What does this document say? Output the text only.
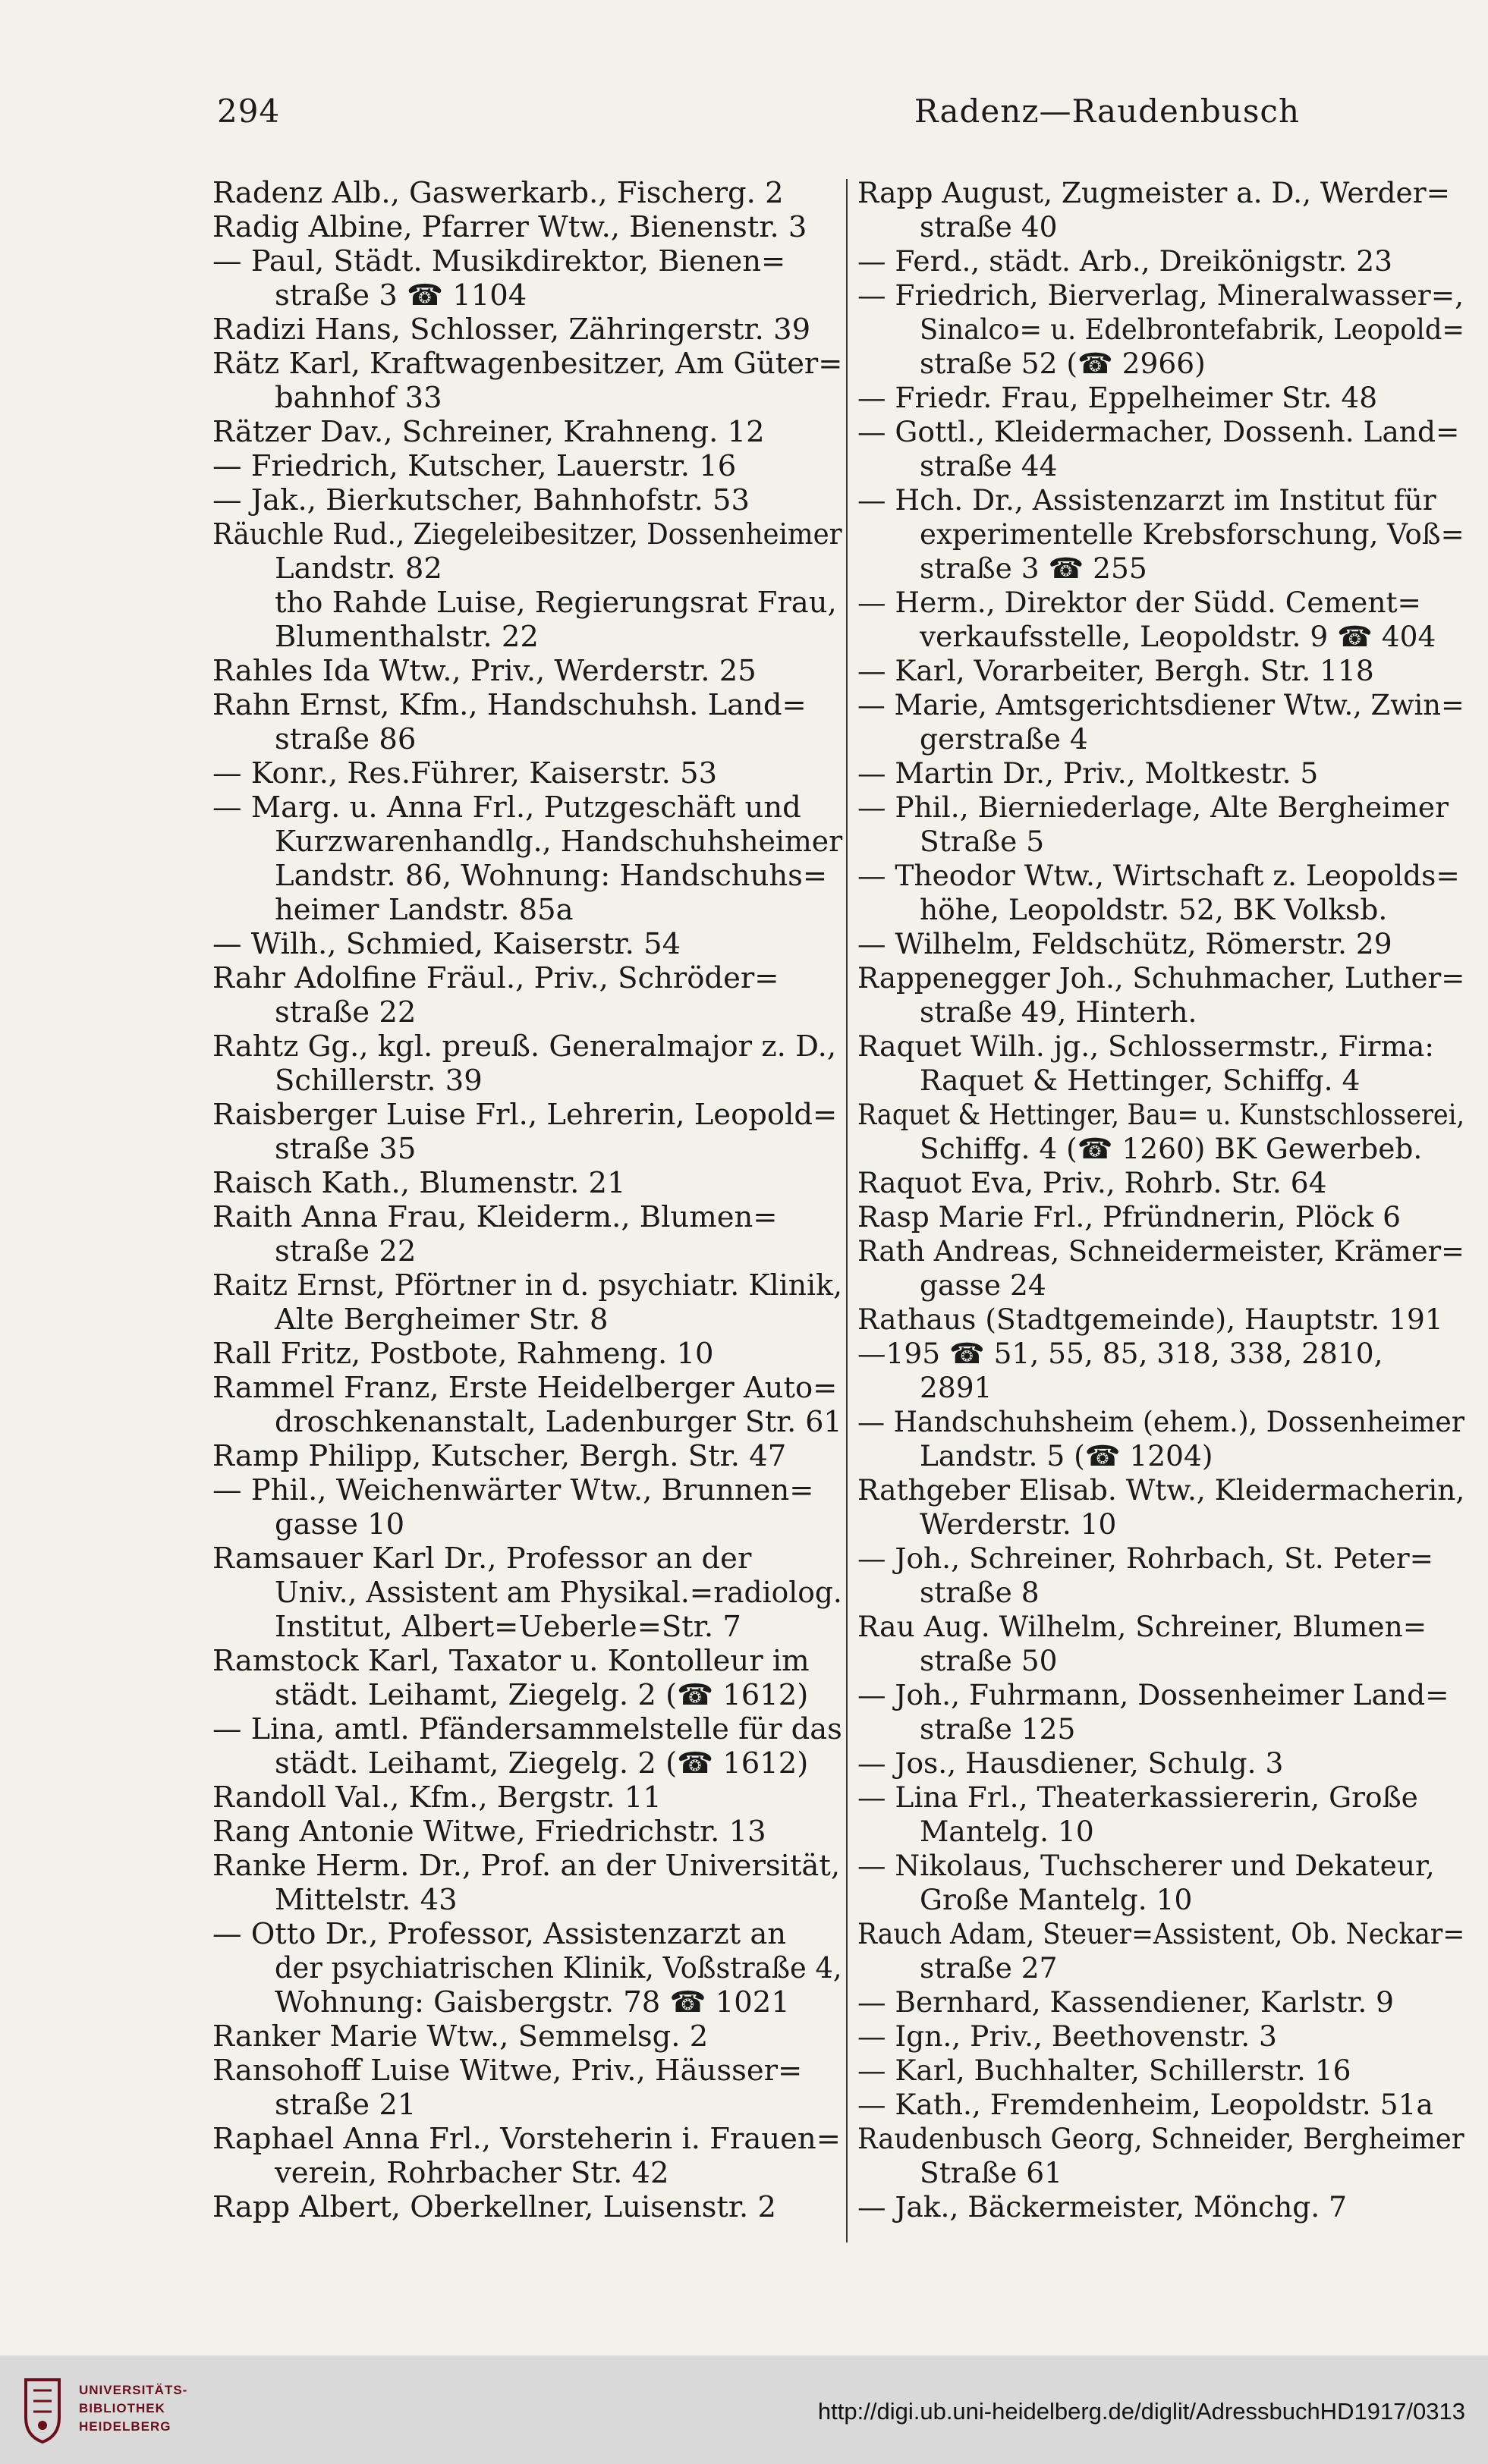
294	Radenz—Raudenbusch
Radenz Alb., Gaswerkarb., Fischerg. 2
Radig Albine, Pfarrer Wtw., Bienenstr. 3
— Paul, Städt. Musikdirektor, Bienen=
straße 3 ☎ 1104
Radizi Hans, Schlosser, Zähringerstr. 39
Rätz Karl, Kraftwagenbesitzer, Am Güter=
bahnhof 33
Rätzer Dav., Schreiner, Krahneng. 12
— Friedrich, Kutscher, Lauerstr. 16
— Jak., Bierkutscher, Bahnhofstr. 53
Räuchle Rud., Ziegeleibesitzer, Dossenheimer
Landstr. 82
tho Rahde Luise, Regierungsrat Frau,
Blumenthalstr. 22
Rahles Ida Wtw., Priv., Werderstr. 25
Rahn Ernst, Kfm., Handschuhsh. Land=
straße 86
— Konr., Res.Führer, Kaiserstr. 53
— Marg. u. Anna Frl., Putzgeschäft und
Kurzwarenhandlg., Handschuhsheimer
Landstr. 86, Wohnung: Handschuhs=
heimer Landstr. 85a
— Wilh., Schmied, Kaiserstr. 54
Rahr Adolfine Fräul., Priv., Schröder=
straße 22
Rahtz Gg., kgl. preuß. Generalmajor z. D.,
Schillerstr. 39
Raisberger Luise Frl., Lehrerin, Leopold=
straße 35
Raisch Kath., Blumenstr. 21
Raith Anna Frau, Kleiderm., Blumen=
straße 22
Raitz Ernst, Pförtner in d. psychiatr. Klinik,
Alte Bergheimer Str. 8
Rall Fritz, Postbote, Rahmeng. 10
Rammel Franz, Erste Heidelberger Auto=
droschkenanstalt, Ladenburger Str. 61
Ramp Philipp, Kutscher, Bergh. Str. 47
— Phil., Weichenwärter Wtw., Brunnen=
gasse 10
Ramsauer Karl Dr., Professor an der
Univ., Assistent am Physikal.=radiolog.
Institut, Albert=Ueberle=Str. 7
Ramstock Karl, Taxator u. Kontolleur im
städt. Leihamt, Ziegelg. 2 (☎ 1612)
— Lina, amtl. Pfändersammelstelle für das
städt. Leihamt, Ziegelg. 2 (☎ 1612)
Randoll Val., Kfm., Bergstr. 11
Rang Antonie Witwe, Friedrichstr. 13
Ranke Herm. Dr., Prof. an der Universität,
Mittelstr. 43
— Otto Dr., Professor, Assistenzarzt an
der psychiatrischen Klinik, Voßstraße 4,
Wohnung: Gaisbergstr. 78 ☎ 1021
Ranker Marie Wtw., Semmelsg. 2
Ransohoff Luise Witwe, Priv., Häusser=
straße 21
Raphael Anna Frl., Vorsteherin i. Frauen=
verein, Rohrbacher Str. 42
Rapp Albert, Oberkellner, Luisenstr. 2
Rapp August, Zugmeister a. D., Werder=
straße 40
— Ferd., städt. Arb., Dreikönigstr. 23
— Friedrich, Bierverlag, Mineralwasser=,
Sinalco= u. Edelbrontefabrik, Leopold=
straße 52 (☎ 2966)
— Friedr. Frau, Eppelheimer Str. 48
— Gottl., Kleidermacher, Dossenh. Land=
straße 44
— Hch. Dr., Assistenzarzt im Institut für
experimentelle Krebsforschung, Voß=
straße 3 ☎ 255
— Herm., Direktor der Südd. Cement=
verkaufsstelle, Leopoldstr. 9 ☎ 404
— Karl, Vorarbeiter, Bergh. Str. 118
— Marie, Amtsgerichtsdiener Wtw., Zwin=
gerstraße 4
— Martin Dr., Priv., Moltkestr. 5
— Phil., Bierniederlage, Alte Bergheimer
Straße 5
— Theodor Wtw., Wirtschaft z. Leopolds=
höhe, Leopoldstr. 52, BK Volksb.
— Wilhelm, Feldschütz, Römerstr. 29
Rappenegger Joh., Schuhmacher, Luther=
straße 49, Hinterh.
Raquet Wilh. jg., Schlossermstr., Firma:
Raquet & Hettinger, Schiffg. 4
Raquet & Hettinger, Bau= u. Kunstschlosserei,
Schiffg. 4 (☎ 1260) BK Gewerbeb.
Raquot Eva, Priv., Rohrb. Str. 64
Rasp Marie Frl., Pfründnerin, Plöck 6
Rath Andreas, Schneidermeister, Krämer=
gasse 24
Rathaus (Stadtgemeinde), Hauptstr. 191
—195 ☎ 51, 55, 85, 318, 338, 2810,
2891
— Handschuhsheim (ehem.), Dossenheimer
Landstr. 5 (☎ 1204)
Rathgeber Elisab. Wtw., Kleidermacherin,
Werderstr. 10
— Joh., Schreiner, Rohrbach, St. Peter=
straße 8
Rau Aug. Wilhelm, Schreiner, Blumen=
straße 50
— Joh., Fuhrmann, Dossenheimer Land=
straße 125
— Jos., Hausdiener, Schulg. 3
— Lina Frl., Theaterkassiererin, Große
Mantelg. 10
— Nikolaus, Tuchscherer und Dekateur,
Große Mantelg. 10
Rauch Adam, Steuer=Assistent, Ob. Neckar=
straße 27
— Bernhard, Kassendiener, Karlstr. 9
— Ign., Priv., Beethovenstr. 3
— Karl, Buchhalter, Schillerstr. 16
— Kath., Fremdenheim, Leopoldstr. 51a
Raudenbusch Georg, Schneider, Bergheimer
Straße 61
— Jak., Bäckermeister, Mönchg. 7
UNIVERSITÄTS-
BIBLIOTHEK
HEIDELBERG
http://digi.ub.uni-heidelberg.de/diglit/AdressbuchHD1917/0313
